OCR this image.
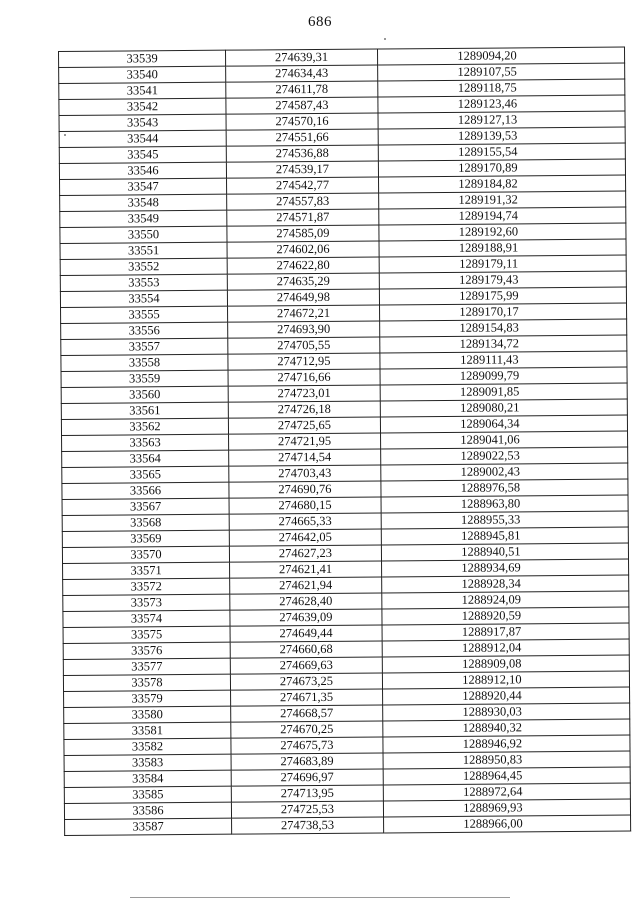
686
33539	274639,31	1289094,20
33540	274634,43	1289107,55
33541	274611,78	1289118,75
33542	274587,43	1289123,46
33543	274570,16	1289127,13
33544	274551,66	1289139,53
33545	274536,88	1289155,54
33546	274539,17	1289170,89
33547	274542,77	1289184,82
33548	274557,83	1289191,32
33549	274571,87	1289194,74
33550	274585,09	1289192,60
33551	274602,06	1289188,91
33552	274622,80	1289179,11
33553	274635,29	1289179,43
33554	274649,98	1289175,99
33555	274672,21	1289170,17
33556	274693,90	1289154,83
33557	274705,55	1289134,72
33558	274712,95	1289111,43
33559	274716,66	1289099,79
33560	274723,01	1289091,85
33561	274726,18	1289080,21
33562	274725,65	1289064,34
33563	274721,95	1289041,06
33564	274714,54	1289022,53
33565	274703,43	1289002,43
33566	274690,76	1288976,58
33567	274680,15	1288963,80
33568	274665,33	1288955,33
33569	274642,05	1288945,81
33570	274627,23	1288940,51
33571	274621,41	1288934,69
33572	274621,94	1288928,34
33573	274628,40	1288924,09
33574	274639,09	1288920,59
33575	274649,44	1288917,87
33576	274660,68	1288912,04
33577	274669,63	1288909,08
33578	274673,25	1288912,10
33579	274671,35	1288920,44
33580	274668,57	1288930,03
33581	274670,25	1288940,32
33582	274675,73	1288946,92
33583	274683,89	1288950,83
33584	274696,97	1288964,45
33585	274713,95	1288972,64
33586	274725,53	1288969,93
33587	274738,53	1288966,00
